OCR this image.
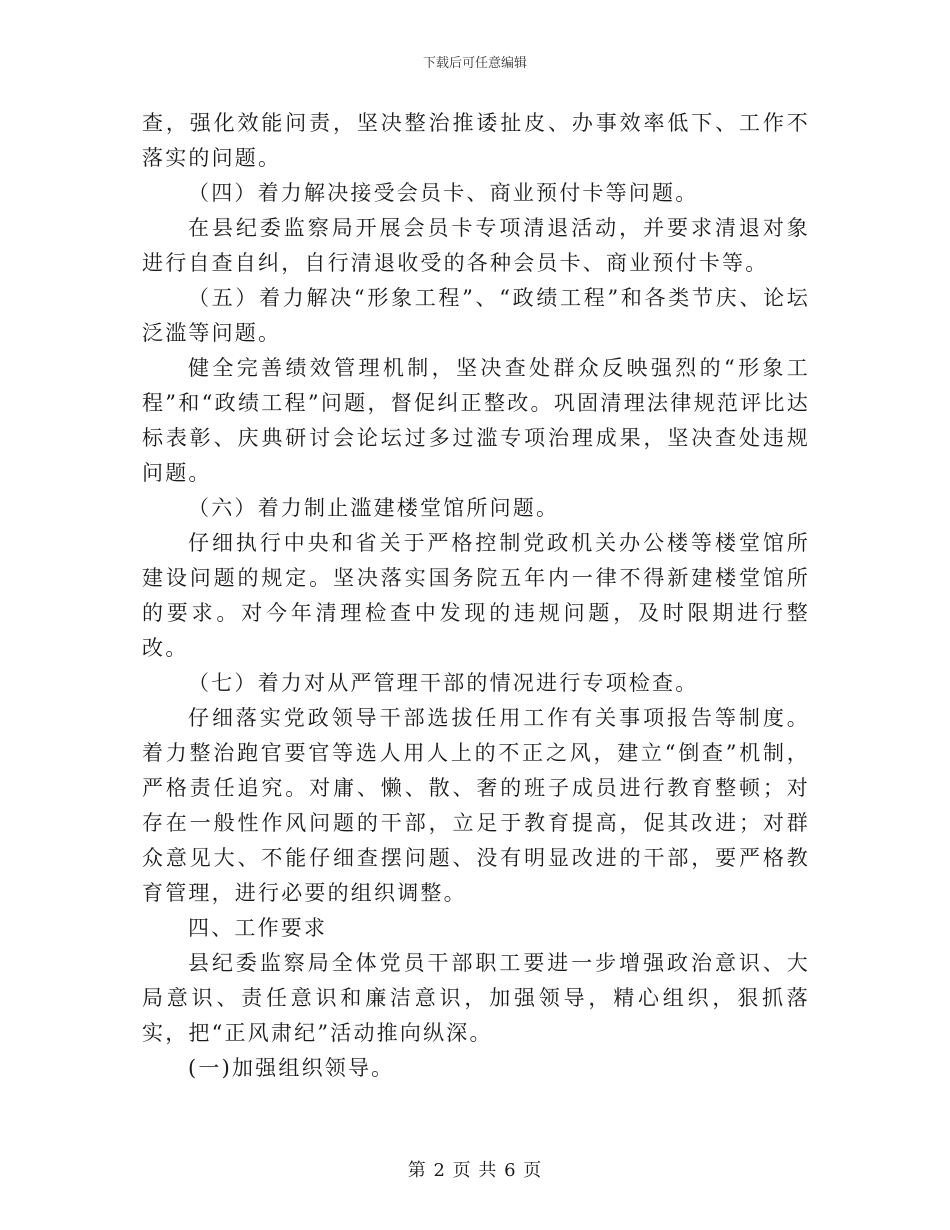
下载后可任意编辑

查，强化效能问责，坚决整治推诿扯皮、办事效率低下、工作不落实的问题。

（四）着力解决接受会员卡、商业预付卡等问题。

在县纪委监察局开展会员卡专项清退活动，并要求清退对象进行自查自纠，自行清退收受的各种会员卡、商业预付卡等。

（五）着力解决“形象工程”、“政绩工程”和各类节庆、论坛泛滥等问题。

健全完善绩效管理机制，坚决查处群众反映强烈的“形象工程”和“政绩工程”问题，督促纠正整改。巩固清理法律规范评比达标表彰、庆典研讨会论坛过多过滥专项治理成果，坚决查处违规问题。

（六）着力制止滥建楼堂馆所问题。

仔细执行中央和省关于严格控制党政机关办公楼等楼堂馆所建设问题的规定。坚决落实国务院五年内一律不得新建楼堂馆所的要求。对今年清理检查中发现的违规问题，及时限期进行整改。

（七）着力对从严管理干部的情况进行专项检查。

仔细落实党政领导干部选拔任用工作有关事项报告等制度。着力整治跑官要官等选人用人上的不正之风，建立“倒查”机制，严格责任追究。对庸、懒、散、奢的班子成员进行教育整顿；对存在一般性作风问题的干部，立足于教育提高，促其改进；对群众意见大、不能仔细查摆问题、没有明显改进的干部，要严格教育管理，进行必要的组织调整。

四、工作要求

县纪委监察局全体党员干部职工要进一步增强政治意识、大局意识、责任意识和廉洁意识，加强领导，精心组织，狠抓落实，把“正风肃纪”活动推向纵深。

(一)加强组织领导。

第 2 页 共 6 页
